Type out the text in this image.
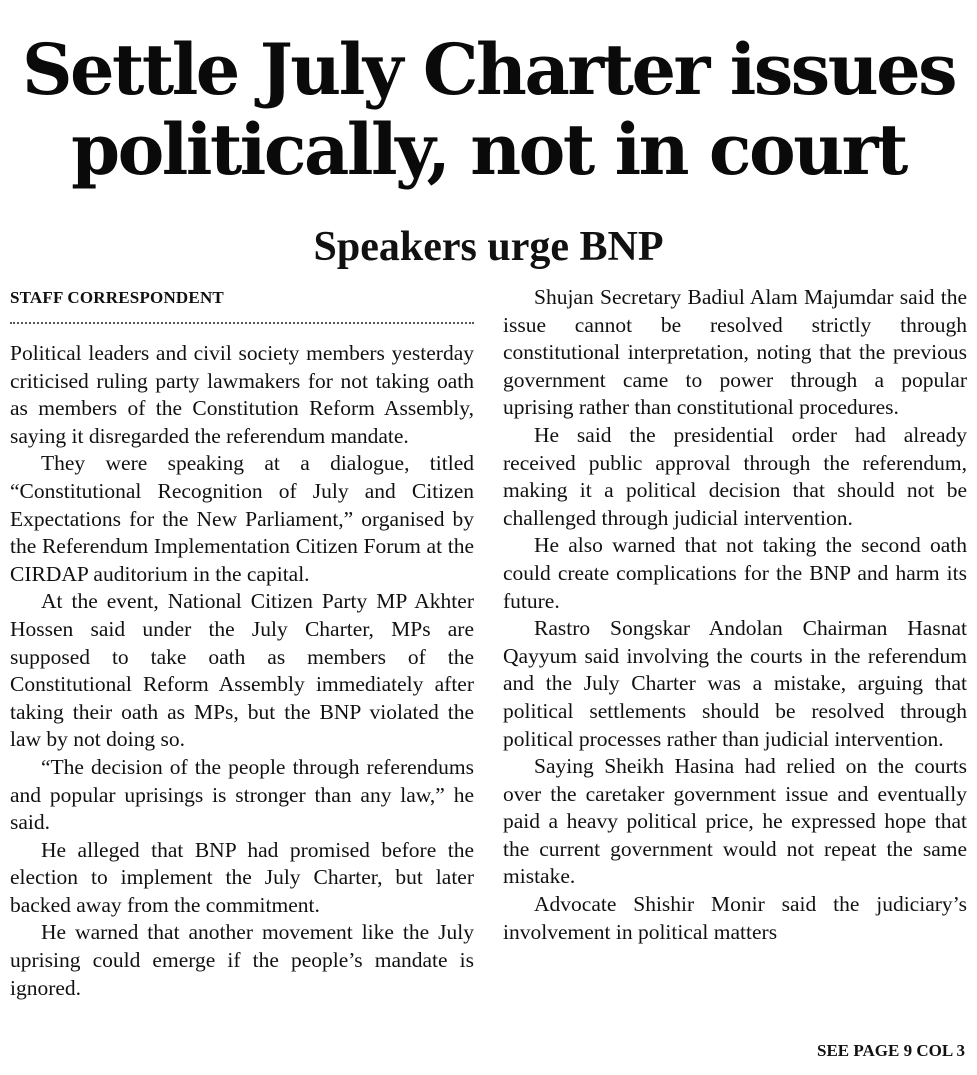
Settle July Charter issues
politically, not in court
Speakers urge BNP
STAFF CORRESPONDENT

Political leaders and civil society members yesterday criticised ruling party lawmakers for not taking oath as members of the Constitution Reform Assembly, saying it disregarded the referendum mandate.

They were speaking at a dialogue, titled “Constitutional Recognition of July and Citizen Expectations for the New Parliament,” organised by the Referendum Implementation Citizen Forum at the CIRDAP auditorium in the capital.

At the event, National Citizen Party MP Akhter Hossen said under the July Charter, MPs are supposed to take oath as members of the Constitutional Reform Assembly immediately after taking their oath as MPs, but the BNP violated the law by not doing so.

“The decision of the people through referendums and popular uprisings is stronger than any law,” he said.

He alleged that BNP had promised before the election to implement the July Charter, but later backed away from the commitment.

He warned that another movement like the July uprising could emerge if the people’s mandate is ignored.

Shujan Secretary Badiul Alam Majumdar said the issue cannot be resolved strictly through constitutional interpretation, noting that the previous government came to power through a popular uprising rather than constitutional procedures.

He said the presidential order had already received public approval through the referendum, making it a political decision that should not be challenged through judicial intervention.

He also warned that not taking the second oath could create complications for the BNP and harm its future.

Rastro Songskar Andolan Chairman Hasnat Qayyum said involving the courts in the referendum and the July Charter was a mistake, arguing that political settlements should be resolved through political processes rather than judicial intervention.

Saying Sheikh Hasina had relied on the courts over the caretaker government issue and eventually paid a heavy political price, he expressed hope that the current government would not repeat the same mistake.

Advocate Shishir Monir said the judiciary’s involvement in political matters

SEE PAGE 9 COL 3
